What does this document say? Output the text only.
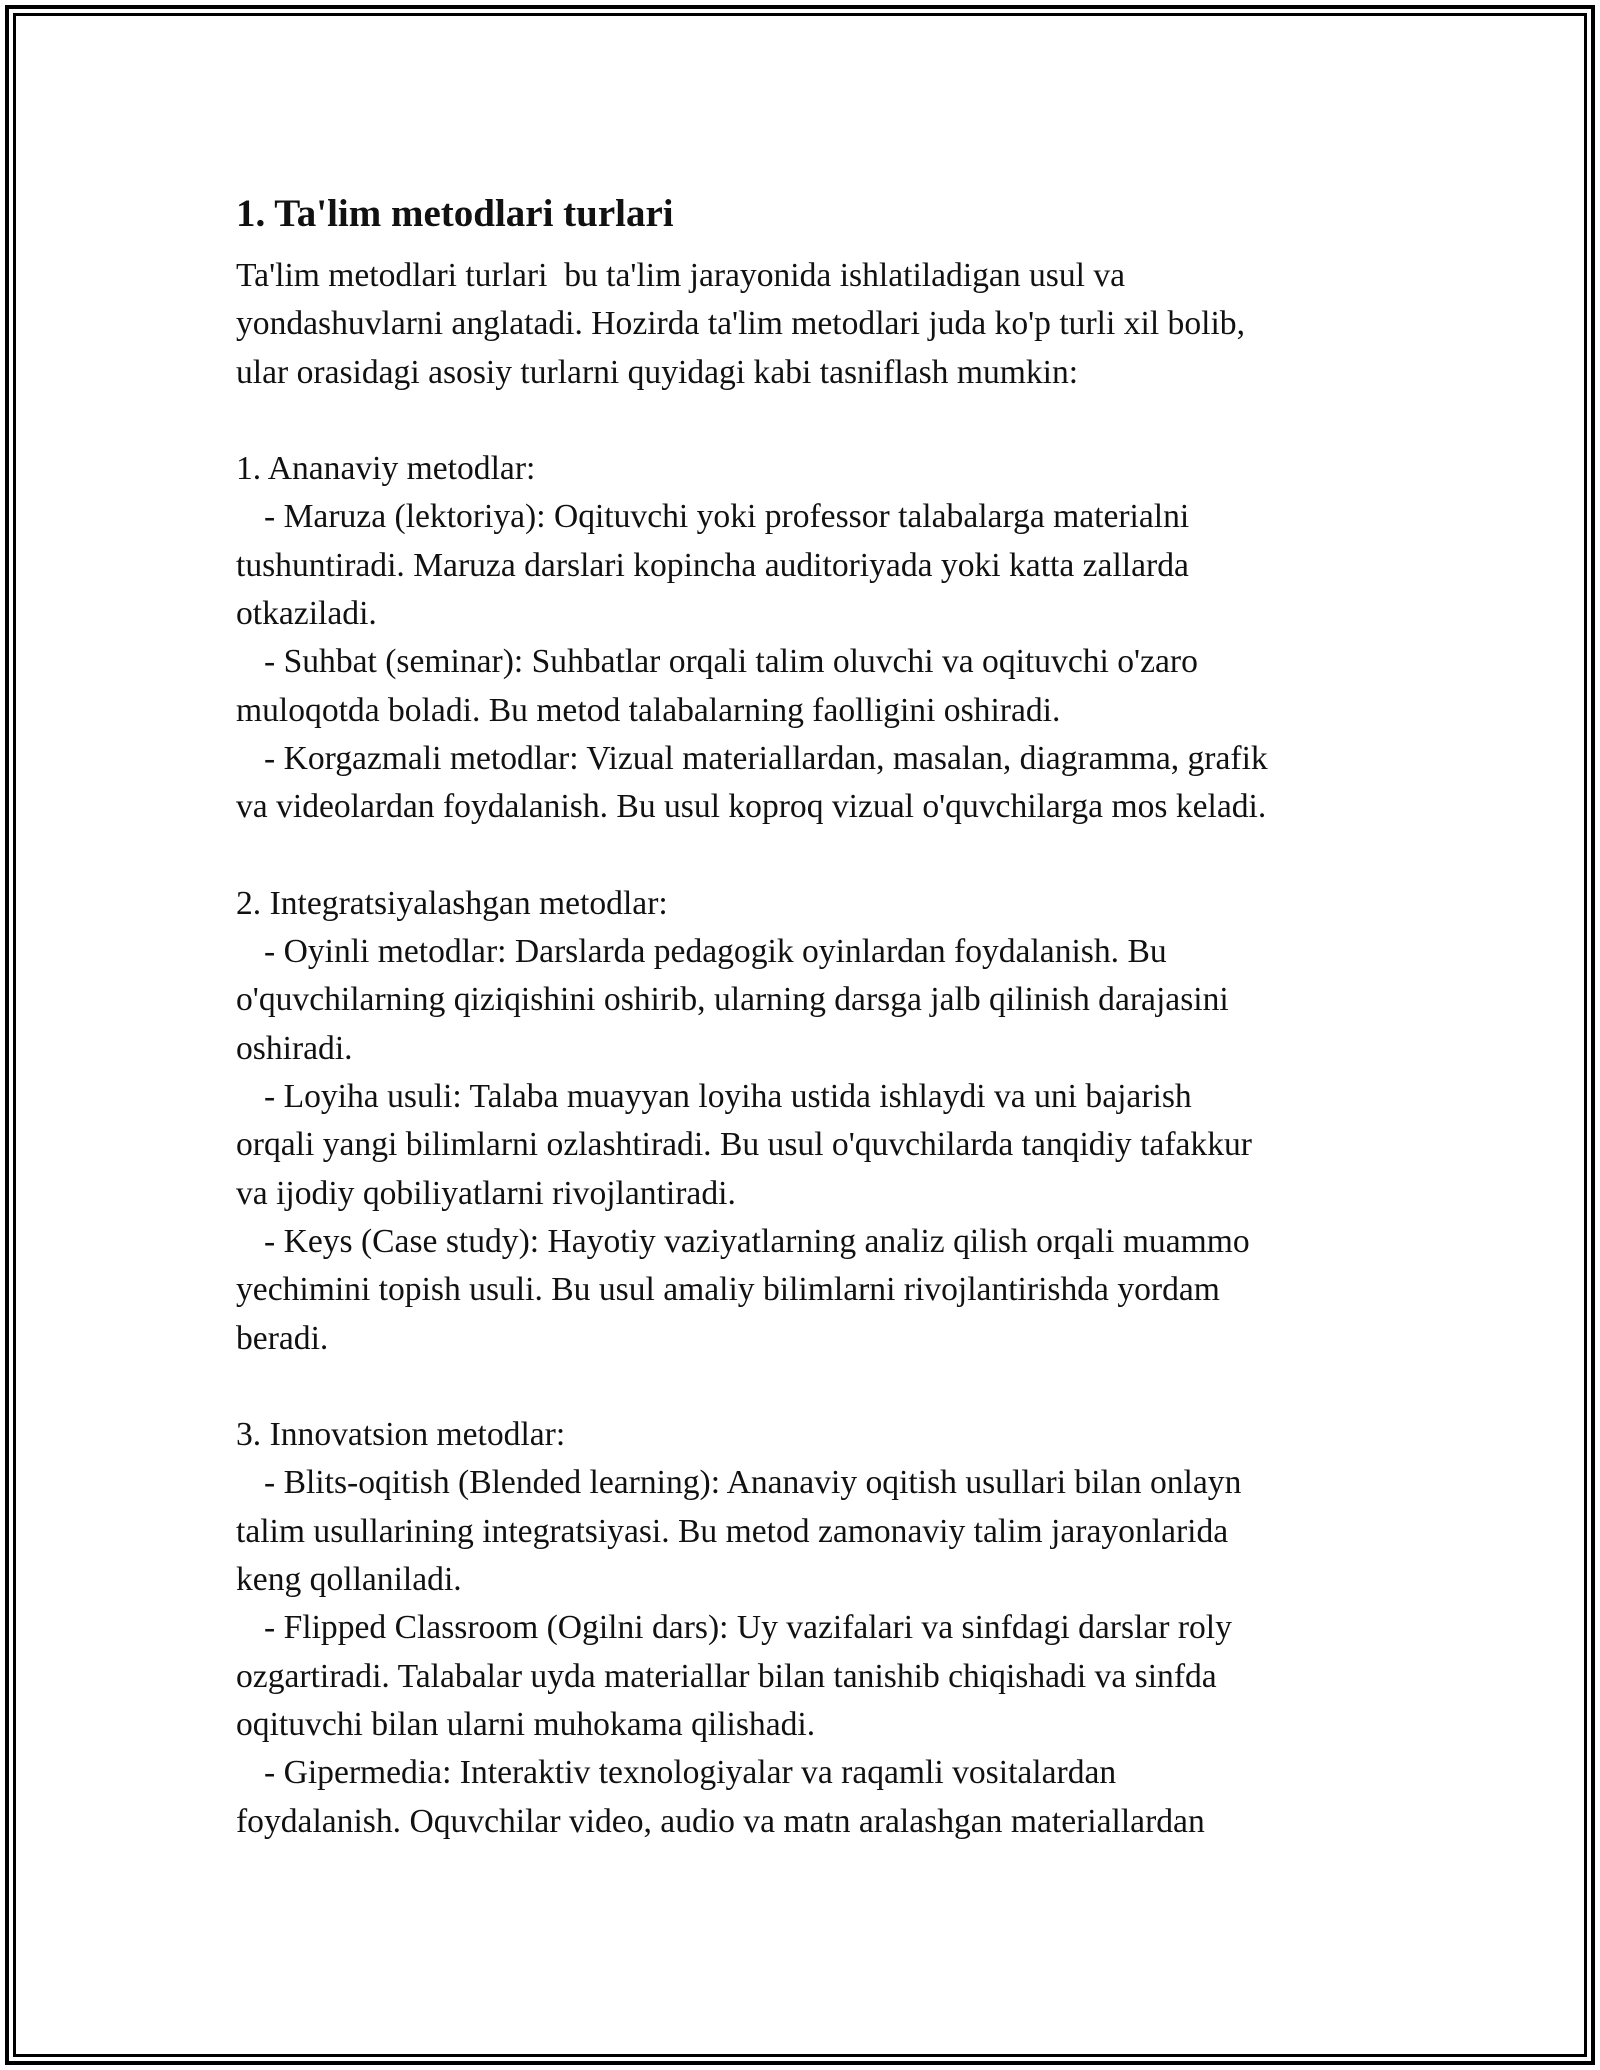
1. Ta'lim metodlari turlari
Ta'lim metodlari turlari  bu ta'lim jarayonida ishlatiladigan usul va
yondashuvlarni anglatadi. Hozirda ta'lim metodlari juda ko'p turli xil bolib,
ular orasidagi asosiy turlarni quyidagi kabi tasniflash mumkin:
1. Ananaviy metodlar:
- Maruza (lektoriya): Oqituvchi yoki professor talabalarga materialni
tushuntiradi. Maruza darslari kopincha auditoriyada yoki katta zallarda
otkaziladi.
- Suhbat (seminar): Suhbatlar orqali talim oluvchi va oqituvchi o'zaro
muloqotda boladi. Bu metod talabalarning faolligini oshiradi.
- Korgazmali metodlar: Vizual materiallardan, masalan, diagramma, grafik
va videolardan foydalanish. Bu usul koproq vizual o'quvchilarga mos keladi.
2. Integratsiyalashgan metodlar:
- Oyinli metodlar: Darslarda pedagogik oyinlardan foydalanish. Bu
o'quvchilarning qiziqishini oshirib, ularning darsga jalb qilinish darajasini
oshiradi.
- Loyiha usuli: Talaba muayyan loyiha ustida ishlaydi va uni bajarish
orqali yangi bilimlarni ozlashtiradi. Bu usul o'quvchilarda tanqidiy tafakkur
va ijodiy qobiliyatlarni rivojlantiradi.
- Keys (Case study): Hayotiy vaziyatlarning analiz qilish orqali muammo
yechimini topish usuli. Bu usul amaliy bilimlarni rivojlantirishda yordam
beradi.
3. Innovatsion metodlar:
- Blits-oqitish (Blended learning): Ananaviy oqitish usullari bilan onlayn
talim usullarining integratsiyasi. Bu metod zamonaviy talim jarayonlarida
keng qollaniladi.
- Flipped Classroom (Ogilni dars): Uy vazifalari va sinfdagi darslar roly
ozgartiradi. Talabalar uyda materiallar bilan tanishib chiqishadi va sinfda
oqituvchi bilan ularni muhokama qilishadi.
- Gipermedia: Interaktiv texnologiyalar va raqamli vositalardan
foydalanish. Oquvchilar video, audio va matn aralashgan materiallardan
